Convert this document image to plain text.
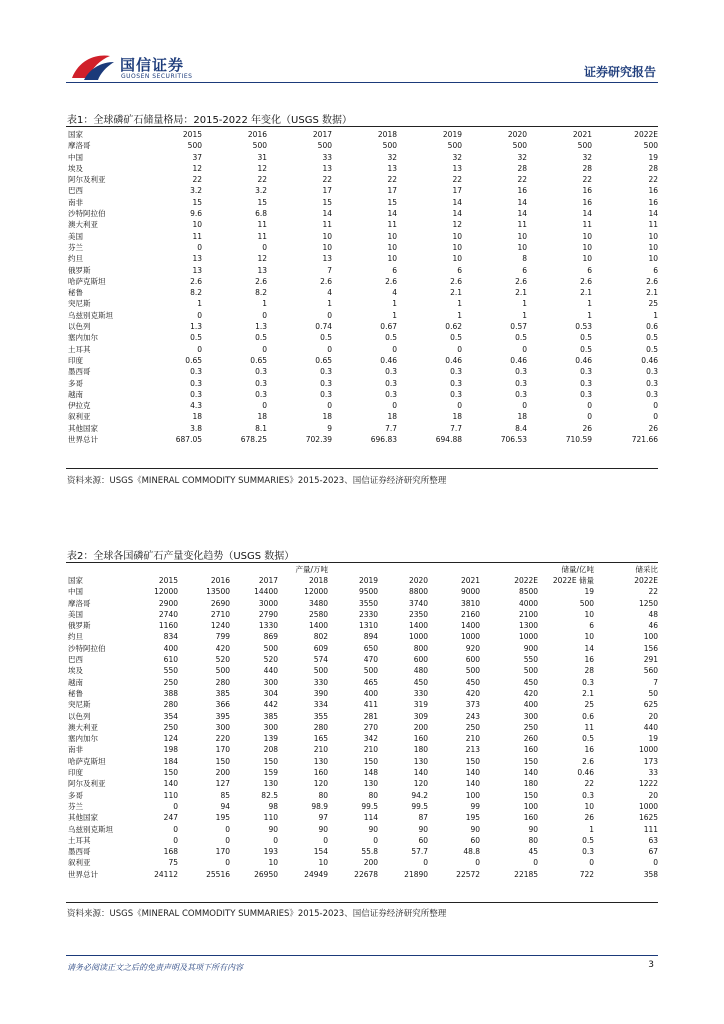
国信证券
GUOSEN SECURITIES	证券研究报告
表1：全球磷矿石储量格局：2015-2022 年变化（USGS 数据）
国家	2015	2016	2017	2018	2019	2020	2021	2022E
摩洛哥	500	500	500	500	500	500	500	500
中国	37	31	33	32	32	32	32	19
埃及	12	12	13	13	13	28	28	28
阿尔及利亚	22	22	22	22	22	22	22	22
巴西	3.2	3.2	17	17	17	16	16	16
南非	15	15	15	15	14	14	16	16
沙特阿拉伯	9.6	6.8	14	14	14	14	14	14
澳大利亚	10	11	11	11	12	11	11	11
美国	11	11	10	10	10	10	10	10
芬兰	0	0	10	10	10	10	10	10
约旦	13	12	13	10	10	8	10	10
俄罗斯	13	13	7	6	6	6	6	6
哈萨克斯坦	2.6	2.6	2.6	2.6	2.6	2.6	2.6	2.6
秘鲁	8.2	8.2	4	4	2.1	2.1	2.1	2.1
突尼斯	1	1	1	1	1	1	1	25
乌兹别克斯坦	0	0	0	1	1	1	1	1
以色列	1.3	1.3	0.74	0.67	0.62	0.57	0.53	0.6
塞内加尔	0.5	0.5	0.5	0.5	0.5	0.5	0.5	0.5
土耳其	0	0	0	0	0	0	0.5	0.5
印度	0.65	0.65	0.65	0.46	0.46	0.46	0.46	0.46
墨西哥	0.3	0.3	0.3	0.3	0.3	0.3	0.3	0.3
多哥	0.3	0.3	0.3	0.3	0.3	0.3	0.3	0.3
越南	0.3	0.3	0.3	0.3	0.3	0.3	0.3	0.3
伊拉克	4.3	0	0	0	0	0	0	0
叙利亚	18	18	18	18	18	18	0	0
其他国家	3.8	8.1	9	7.7	7.7	8.4	26	26
世界总计	687.05	678.25	702.39	696.83	694.88	706.53	710.59	721.66
资料来源：USGS《MINERAL COMMODITY SUMMARIES》2015-2023、国信证券经济研究所整理
表2：全球各国磷矿石产量变化趋势（USGS 数据）
	产量/万吨							储量/亿吨		储采比
国家	2015	2016	2017	2018	2019	2020	2021	2022E	2022E 储量	2022E
中国	12000	13500	14400	12000	9500	8800	9000	8500	19	22
摩洛哥	2900	2690	3000	3480	3550	3740	3810	4000	500	1250
美国	2740	2710	2790	2580	2330	2350	2160	2100	10	48
俄罗斯	1160	1240	1330	1400	1310	1400	1400	1300	6	46
约旦	834	799	869	802	894	1000	1000	1000	10	100
沙特阿拉伯	400	420	500	609	650	800	920	900	14	156
巴西	610	520	520	574	470	600	600	550	16	291
埃及	550	500	440	500	500	480	500	500	28	560
越南	250	280	300	330	465	450	450	450	0.3	7
秘鲁	388	385	304	390	400	330	420	420	2.1	50
突尼斯	280	366	442	334	411	319	373	400	25	625
以色列	354	395	385	355	281	309	243	300	0.6	20
澳大利亚	250	300	300	280	270	200	250	250	11	440
塞内加尔	124	220	139	165	342	160	210	260	0.5	19
南非	198	170	208	210	210	180	213	160	16	1000
哈萨克斯坦	184	150	150	130	150	130	150	150	2.6	173
印度	150	200	159	160	148	140	140	140	0.46	33
阿尔及利亚	140	127	130	120	130	120	140	180	22	1222
多哥	110	85	82.5	80	80	94.2	100	150	0.3	20
芬兰	0	94	98	98.9	99.5	99.5	99	100	10	1000
其他国家	247	195	110	97	114	87	195	160	26	1625
乌兹别克斯坦	0	0	90	90	90	90	90	90	1	111
土耳其	0	0	0	0	0	60	60	80	0.5	63
墨西哥	168	170	193	154	55.8	57.7	48.8	45	0.3	67
叙利亚	75	0	10	10	200	0	0	0	0	0
世界总计	24112	25516	26950	24949	22678	21890	22572	22185	722	358
资料来源：USGS《MINERAL COMMODITY SUMMARIES》2015-2023、国信证券经济研究所整理
请务必阅读正文之后的免责声明及其项下所有内容	3
